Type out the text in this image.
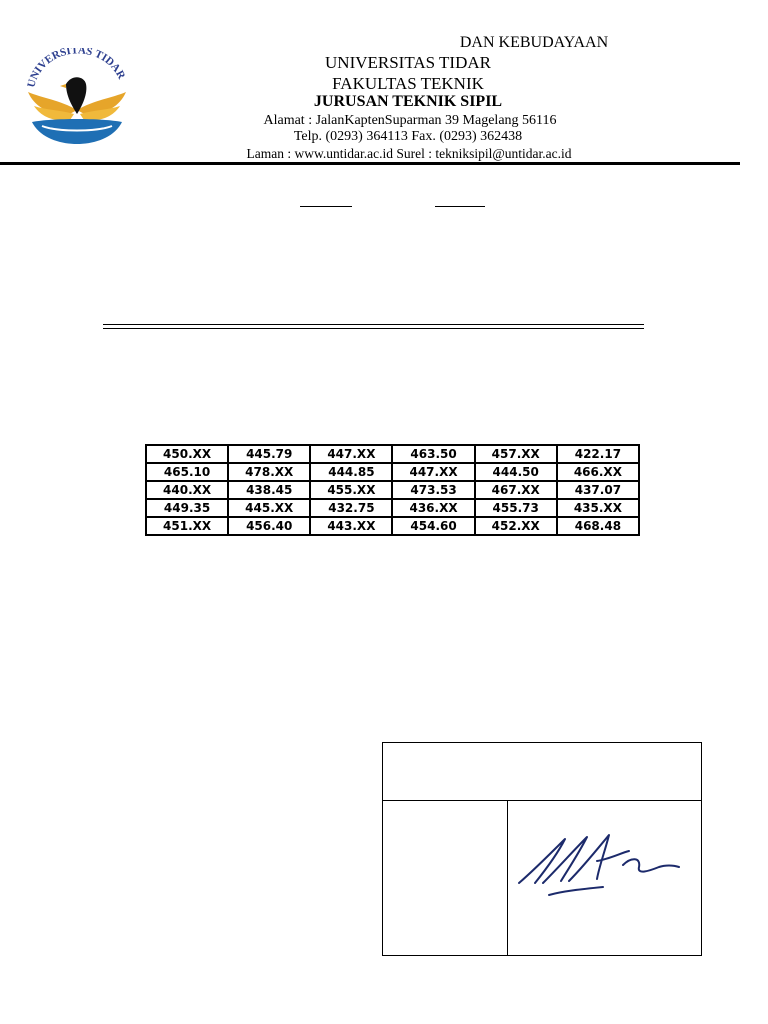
UNIVERSITAS TIDAR
DAN KEBUDAYAAN
UNIVERSITAS TIDAR
FAKULTAS TEKNIK
JURUSAN TEKNIK SIPIL
Alamat : JalanKaptenSuparman 39 Magelang 56116
Telp. (0293) 364113 Fax. (0293) 362438
Laman : www.untidar.ac.id Surel : tekniksipil@untidar.ac.id
450.XX	445.79	447.XX	463.50	457.XX	422.17
465.10	478.XX	444.85	447.XX	444.50	466.XX
440.XX	438.45	455.XX	473.53	467.XX	437.07
449.35	445.XX	432.75	436.XX	455.73	435.XX
451.XX	456.40	443.XX	454.60	452.XX	468.48
